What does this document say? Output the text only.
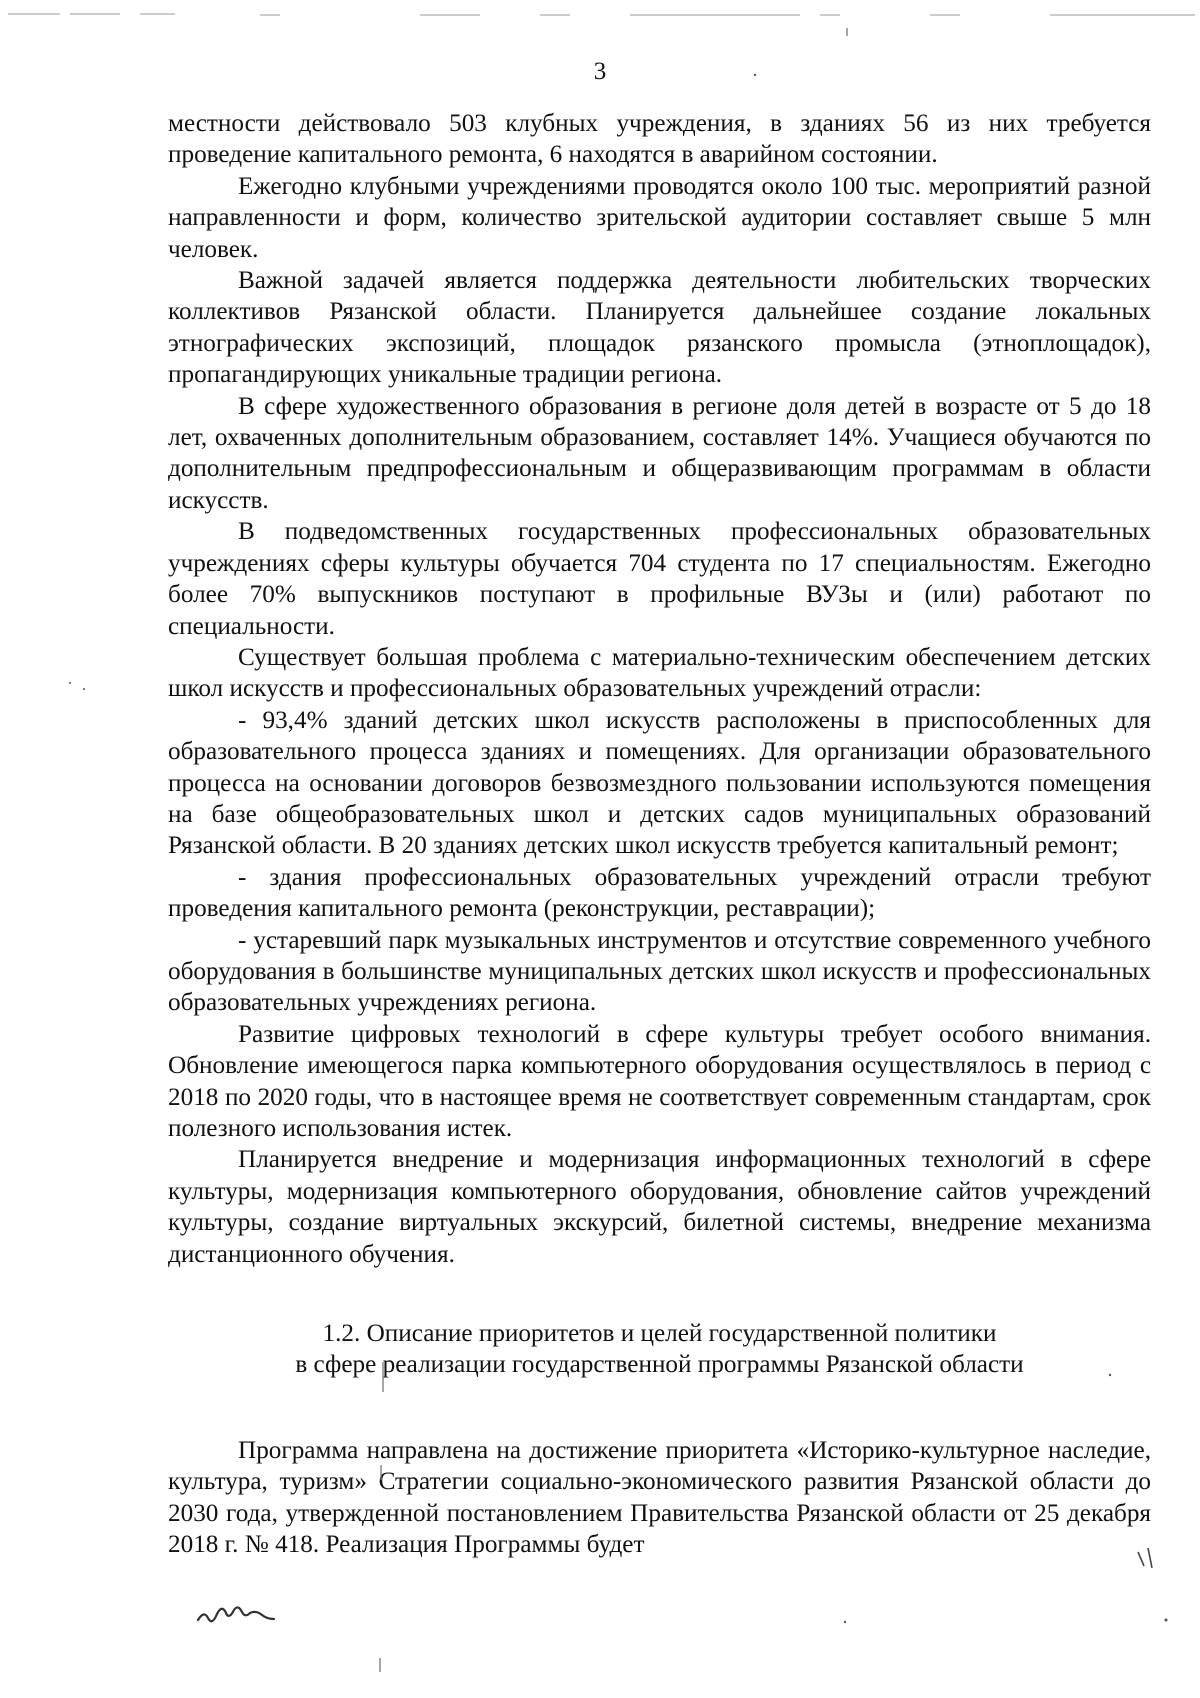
3

местности действовало 503 клубных учреждения, в зданиях 56 из них требуется проведение капитального ремонта, 6 находятся в аварийном состоянии.

Ежегодно клубными учреждениями проводятся около 100 тыс. мероприятий разной направленности и форм, количество зрительской аудитории составляет свыше 5 млн человек.

Важной задачей является поддержка деятельности любительских творческих коллективов Рязанской области. Планируется дальнейшее создание локальных этнографических экспозиций, площадок рязанского промысла (этноплощадок), пропагандирующих уникальные традиции региона.

В сфере художественного образования в регионе доля детей в возрасте от 5 до 18 лет, охваченных дополнительным образованием, составляет 14%. Учащиеся обучаются по дополнительным предпрофессиональным и общеразвивающим программам в области искусств.

В подведомственных государственных профессиональных образовательных учреждениях сферы культуры обучается 704 студента по 17 специальностям. Ежегодно более 70% выпускников поступают в профильные ВУЗы и (или) работают по специальности.

Существует большая проблема с материально-техническим обеспечением детских школ искусств и профессиональных образовательных учреждений отрасли:

- 93,4% зданий детских школ искусств расположены в приспособленных для образовательного процесса зданиях и помещениях. Для организации образовательного процесса на основании договоров безвозмездного пользовании используются помещения на базе общеобразовательных школ и детских садов муниципальных образований Рязанской области. В 20 зданиях детских школ искусств требуется капитальный ремонт;

- здания профессиональных образовательных учреждений отрасли требуют проведения капитального ремонта (реконструкции, реставрации);

- устаревший парк музыкальных инструментов и отсутствие современного учебного оборудования в большинстве муниципальных детских школ искусств и профессиональных образовательных учреждениях региона.

Развитие цифровых технологий в сфере культуры требует особого внимания. Обновление имеющегося парка компьютерного оборудования осуществлялось в период с 2018 по 2020 годы, что в настоящее время не соответствует современным стандартам, срок полезного использования истек.

Планируется внедрение и модернизация информационных технологий в сфере культуры, модернизация компьютерного оборудования, обновление сайтов учреждений культуры, создание виртуальных экскурсий, билетной системы, внедрение механизма дистанционного обучения.

1.2. Описание приоритетов и целей государственной политики
в сфере реализации государственной программы Рязанской области

Программа направлена на достижение приоритета «Историко-культурное наследие, культура, туризм» Стратегии социально-экономического развития Рязанской области до 2030 года, утвержденной постановлением Правительства Рязанской области от 25 декабря 2018 г. № 418. Реализация Программы будет
